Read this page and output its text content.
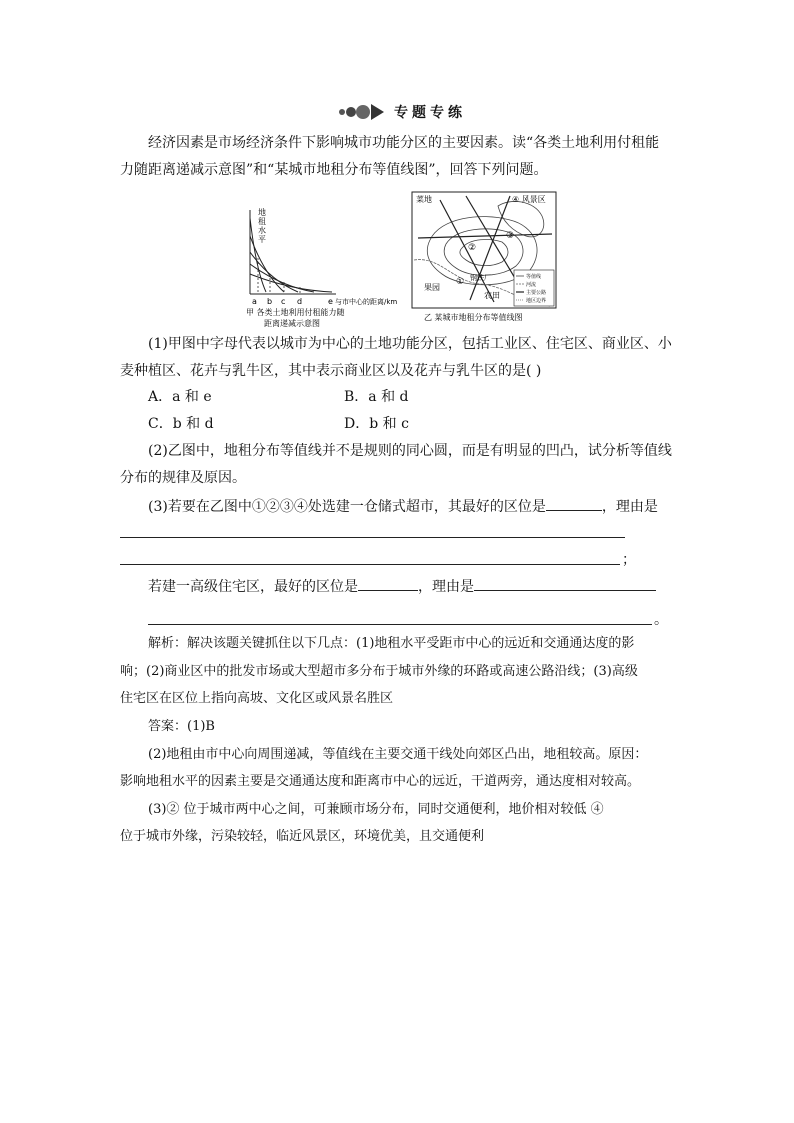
专题专练
经济因素是市场经济条件下影响城市功能分区的主要因素。读“各类土地利用付租能
力随距离递减示意图”和“某城市地租分布等值线图”，回答下列问题。
地
租
水
平
a b c d	e 与市中心的距离/km
甲 各类土地利用付租能力随
距离递减示意图
菜地	④ 风景区
②
③
① 钢铁厂
果园
农田
等值线
河流
主要公路
地区边界
乙 某城市地租分布等值线图
(1)甲图中字母代表以城市为中心的土地功能分区，包括工业区、住宅区、商业区、小
麦种植区、花卉与乳牛区，其中表示商业区以及花卉与乳牛区的是( )
A．a 和 e	B．a 和 d
C．b 和 d	D．b 和 c
(2)乙图中，地租分布等值线并不是规则的同心圆，而是有明显的凹凸，试分析等值线
分布的规律及原因。
(3)若要在乙图中①②③④处选建一仓储式超市，其最好的区位是	，理由是
；
若建一高级住宅区，最好的区位是	，理由是
。
解析：解决该题关键抓住以下几点：(1)地租水平受距市中心的远近和交通通达度的影
响；(2)商业区中的批发市场或大型超市多分布于城市外缘的环路或高速公路沿线；(3)高级
住宅区在区位上指向高坡、文化区或风景名胜区
答案：(1)B
(2)地租由市中心向周围递减，等值线在主要交通干线处向郊区凸出，地租较高。原因：
影响地租水平的因素主要是交通通达度和距离市中心的远近，干道两旁，通达度相对较高。
(3)② 位于城市两中心之间，可兼顾市场分布，同时交通便利，地价相对较低 ④
位于城市外缘，污染较轻，临近风景区，环境优美，且交通便利
